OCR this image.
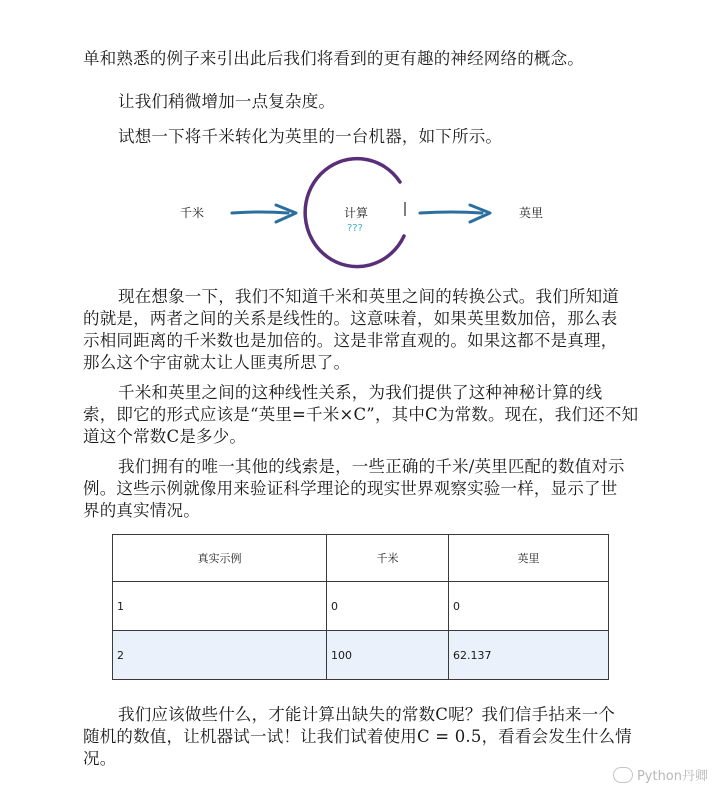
单和熟悉的例子来引出此后我们将看到的更有趣的神经网络的概念。
让我们稍微增加一点复杂度。
试想一下将千米转化为英里的一台机器，如下所示。
千米	计算
???
英里
现在想象一下，我们不知道千米和英里之间的转换公式。我们所知道
的就是，两者之间的关系是线性的。这意味着，如果英里数加倍，那么表
示相同距离的千米数也是加倍的。这是非常直观的。如果这都不是真理，
那么这个宇宙就太让人匪夷所思了。
千米和英里之间的这种线性关系，为我们提供了这种神秘计算的线
索，即它的形式应该是“英里=千米×C”，其中C为常数。现在，我们还不知
道这个常数C是多少。
我们拥有的唯一其他的线索是，一些正确的千米/英里匹配的数值对示
例。这些示例就像用来验证科学理论的现实世界观察实验一样，显示了世
界的真实情况。
真实示例	千米	英里
1	0	0
2	100	62.137
我们应该做些什么，才能计算出缺失的常数C呢？我们信手拈来一个
随机的数值，让机器试一试！让我们试着使用C = 0.5，看看会发生什么情
况。
Python丹卿
